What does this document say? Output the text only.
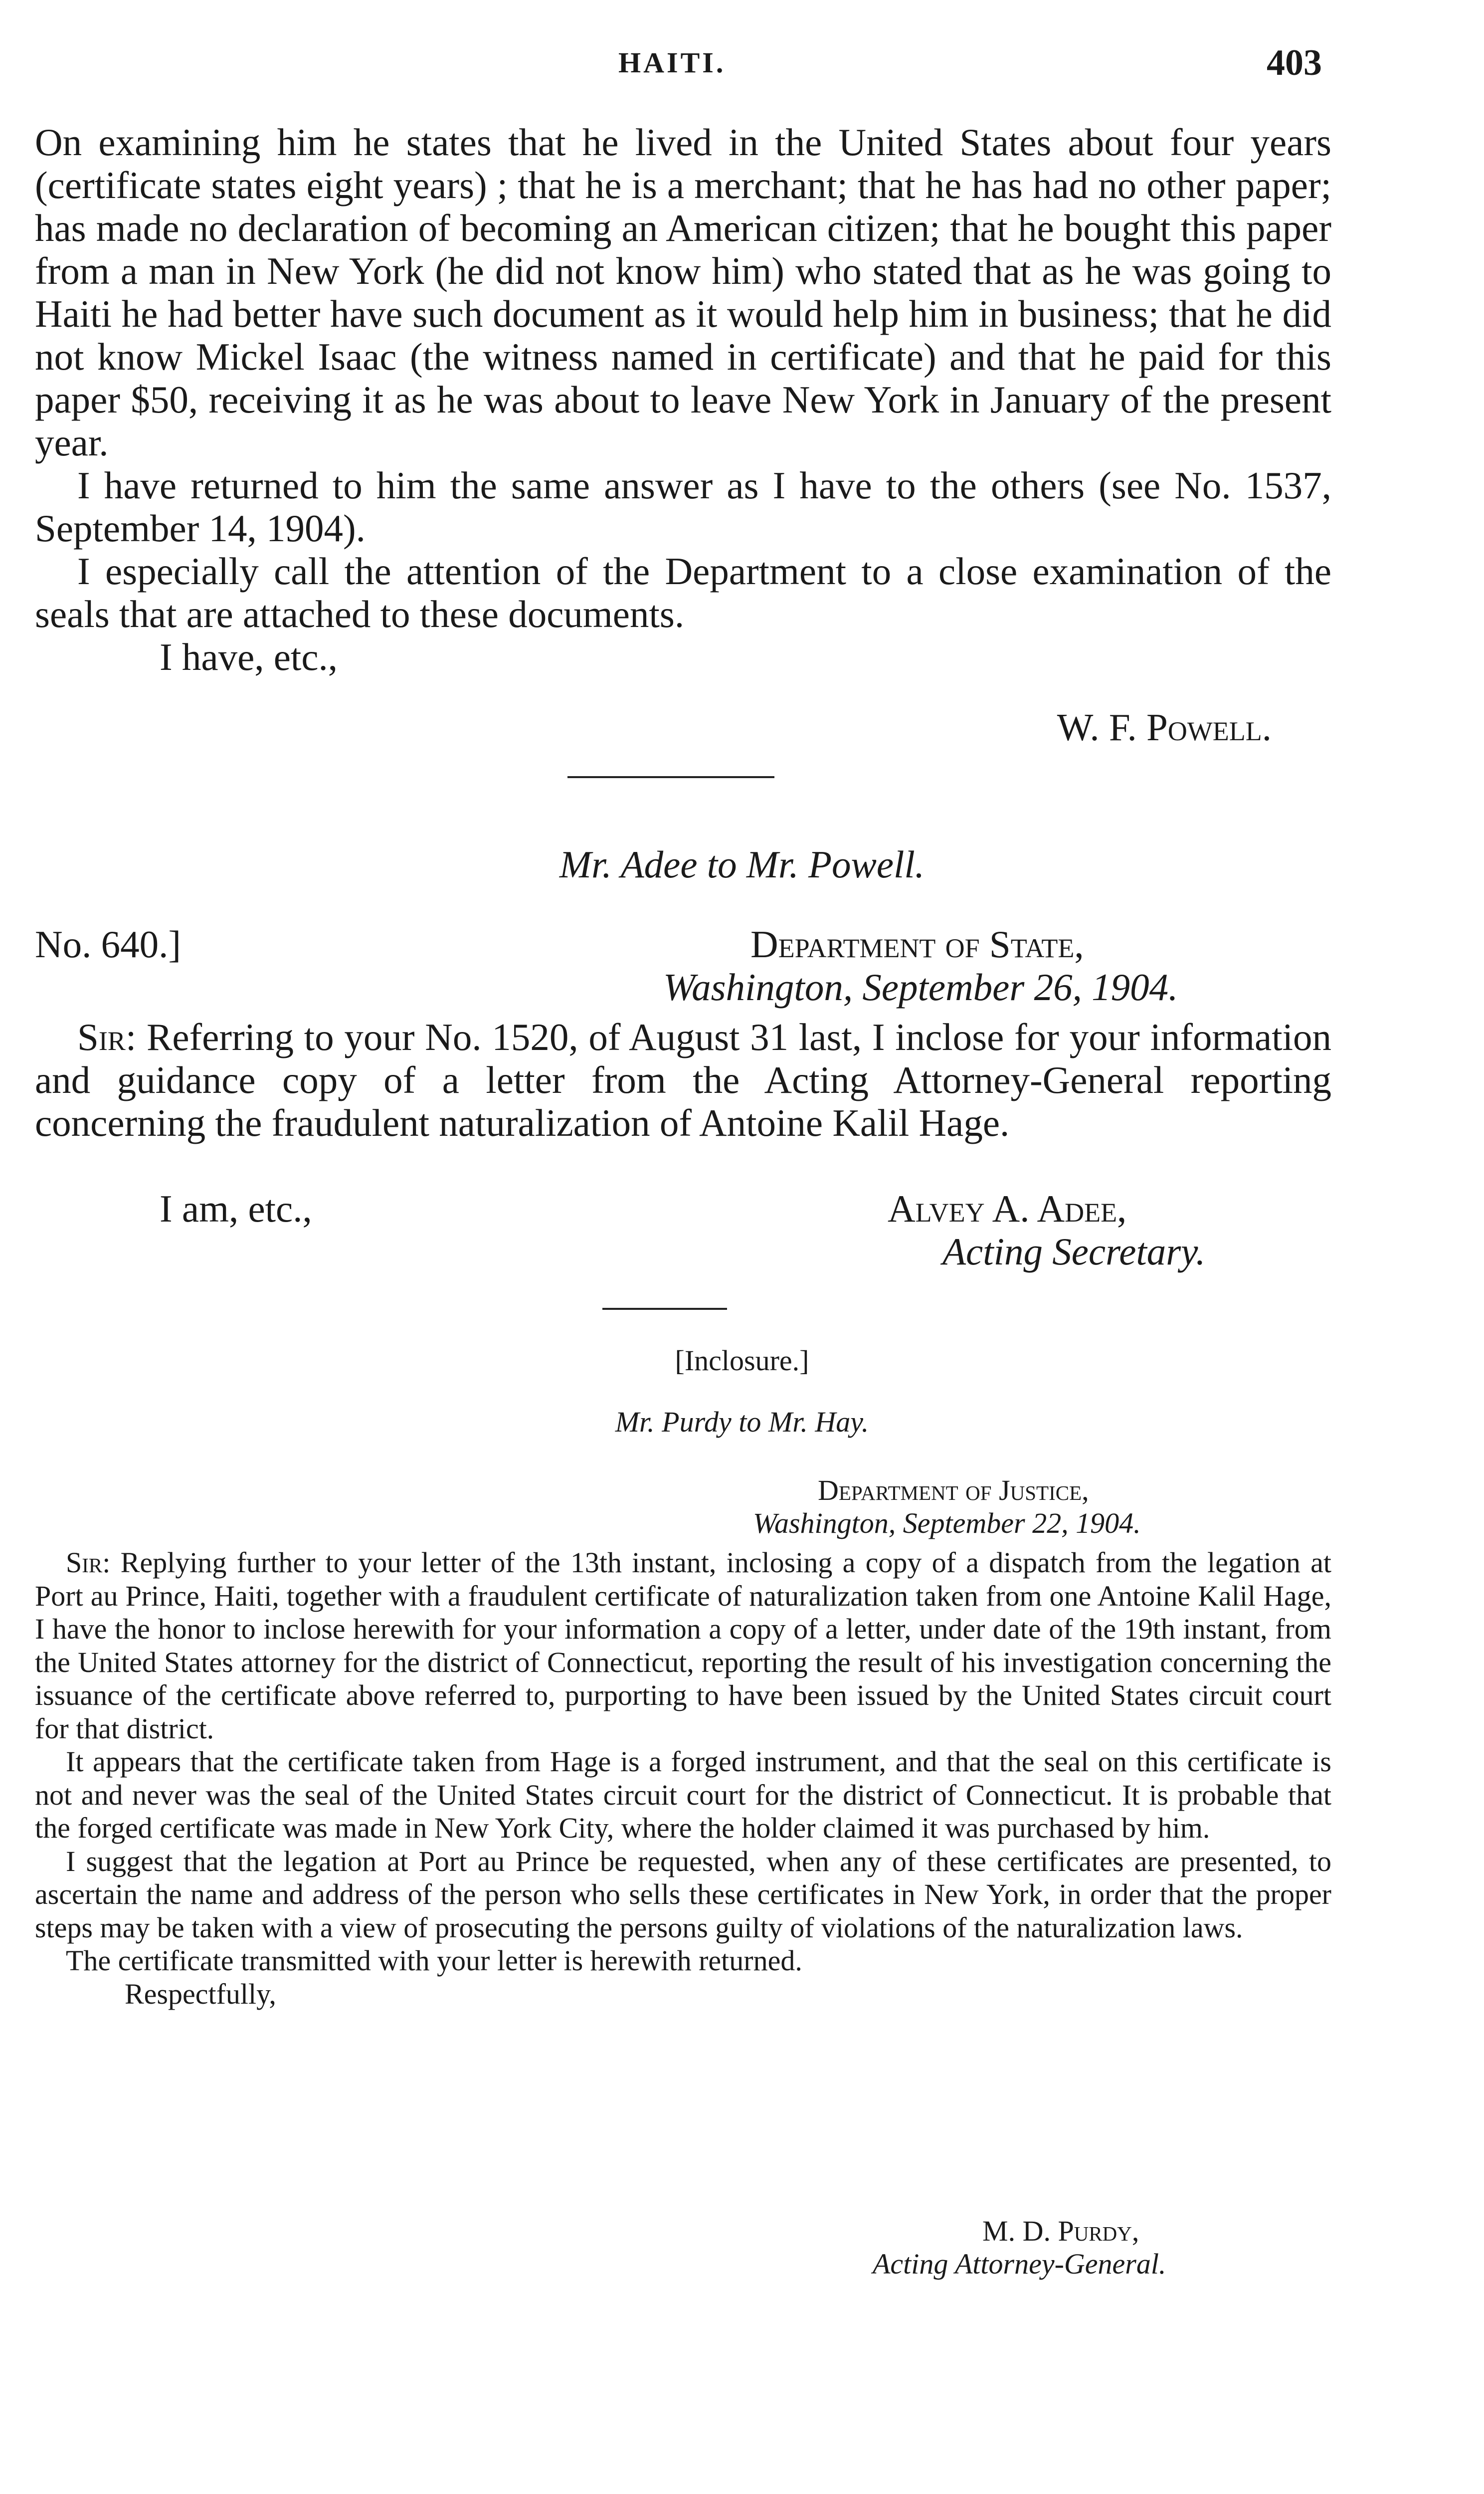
HAITI.	403

On examining him he states that he lived in the United States about four years (certificate states eight years) ; that he is a merchant; that he has had no other paper; has made no declaration of becoming an American citizen; that he bought this paper from a man in New York (he did not know him) who stated that as he was going to Haiti he had better have such document as it would help him in business; that he did not know Mickel Isaac (the witness named in certificate) and that he paid for this paper $50, receiving it as he was about to leave New York in January of the present year.

I have returned to him the same answer as I have to the others (see No. 1537, September 14, 1904).

I especially call the attention of the Department to a close examination of the seals that are attached to these documents.

I have, etc.,

W. F. Powell.
Mr. Adee to Mr. Powell.
No. 640.]	Department of State,
Washington, September 26, 1904.

Sir: Referring to your No. 1520, of August 31 last, I inclose for your information and guidance copy of a letter from the Acting Attorney-General reporting concerning the fraudulent naturalization of Antoine Kalil Hage.

I am, etc.,	Alvey A. Adee,
Acting Secretary.
[Inclosure.]
Mr. Purdy to Mr. Hay.
Department of Justice,
Washington, September 22, 1904.

Sir: Replying further to your letter of the 13th instant, inclosing a copy of a dispatch from the legation at Port au Prince, Haiti, together with a fraudulent certificate of naturalization taken from one Antoine Kalil Hage, I have the honor to inclose herewith for your information a copy of a letter, under date of the 19th instant, from the United States attorney for the district of Connecticut, reporting the result of his investigation concerning the issuance of the certificate above referred to, purporting to have been issued by the United States circuit court for that district.

It appears that the certificate taken from Hage is a forged instrument, and that the seal on this certificate is not and never was the seal of the United States circuit court for the district of Connecticut. It is probable that the forged certificate was made in New York City, where the holder claimed it was purchased by him.

I suggest that the legation at Port au Prince be requested, when any of these certificates are presented, to ascertain the name and address of the person who sells these certificates in New York, in order that the proper steps may be taken with a view of prosecuting the persons guilty of violations of the naturalization laws.

The certificate transmitted with your letter is herewith returned.

Respectfully,

M. D. Purdy,
Acting Attorney-General.
